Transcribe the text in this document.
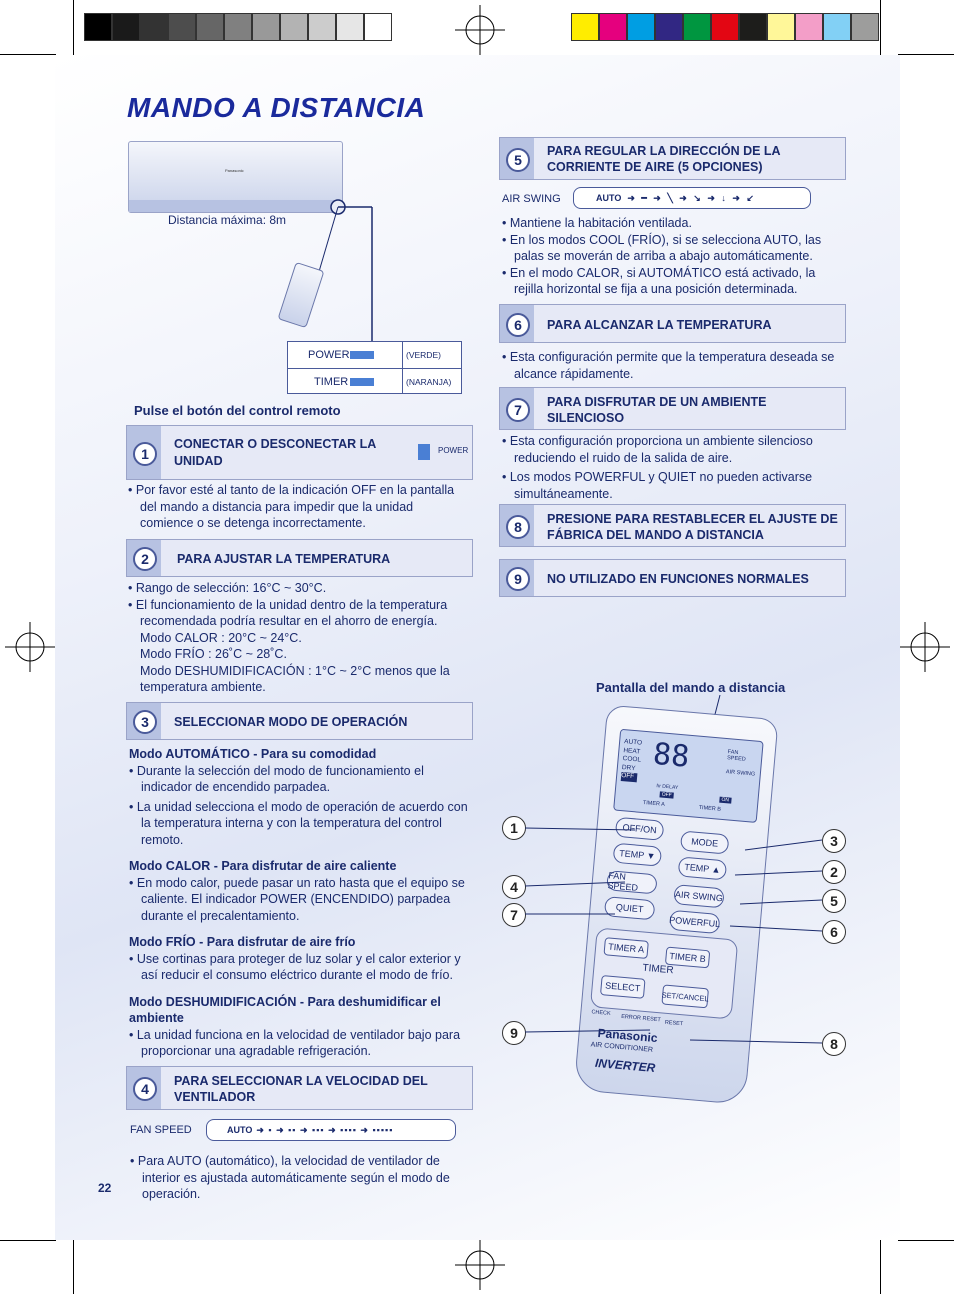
MANDO A DISTANCIA
Panasonic
Distancia máxima: 8m
POWER	(VERDE)
TIMER	(NARANJA)
Pulse el botón del control remoto
1
CONECTAR O DESCONECTAR LA UNIDAD
POWER

• Por favor esté al tanto de la indicación OFF en la pantalla del mando a distancia para impedir que la unidad comience o se detenga incorrectamente.

2	PARA AJUSTAR LA TEMPERATURA

• Rango de selección: 16°C ~ 30°C.

• El funcionamiento de la unidad dentro de la temperatura recomendada podría resultar en el ahorro de energía.

Modo CALOR : 20°C ~ 24°C.

Modo FRÍO : 26˚C ~ 28˚C.

Modo DESHUMIDIFICACIÓN : 1°C ~ 2°C menos que la temperatura ambiente.

3	SELECCIONAR MODO DE OPERACIÓN

Modo AUTOMÁTICO - Para su comodidad

• Durante la selección del modo de funcionamiento el indicador de encendido parpadea.

• La unidad selecciona el modo de operación de acuerdo con la temperatura interna y con la temperatura del control remoto.

Modo CALOR - Para disfrutar de aire caliente

• En modo calor, puede pasar un rato hasta que el equipo se caliente. El indicador POWER (ENCENDIDO) parpadea durante el precalentamiento.

Modo FRÍO - Para disfrutar de aire frío

• Use cortinas para proteger de luz solar y el calor exterior y así reducir el consumo eléctrico durante el modo de frío.

Modo DESHUMIDIFICACIÓN - Para deshumidificar el ambiente

• La unidad funciona en la velocidad de ventilador bajo para proporcionar una agradable refrigeración.

4	PARA SELECCIONAR LA VELOCIDAD DEL VENTILADOR
FAN SPEED	AUTO ➜ ▪ ➜ ▪▪ ➜ ▪▪▪ ➜ ▪▪▪▪ ➜ ▪▪▪▪▪

• Para AUTO (automático), la velocidad de ventilador de interior es ajustada automáticamente según el modo de operación.

22
5
PARA REGULAR LA DIRECCIÓN DE LA CORRIENTE DE AIRE (5 OPCIONES)
AIR SWING	AUTO ➜ ━ ➜ ╲ ➜ ↘ ➜ ↓ ➜ ↙

• Mantiene la habitación ventilada.

• En los modos COOL (FRÍO), si se selecciona AUTO, las palas se moverán de arriba a abajo automáticamente.

• En el modo CALOR, si AUTOMÁTICO está activado, la rejilla horizontal se fija a una posición determinada.

6	PARA ALCANZAR LA TEMPERATURA

• Esta configuración permite que la temperatura deseada se alcance rápidamente.

7	PARA DISFRUTAR DE UN AMBIENTE SILENCIOSO

• Esta configuración proporciona un ambiente silencioso reduciendo el ruido de la salida de aire.

• Los modos POWERFUL y QUIET no pueden activarse simultáneamente.

8	PRESIONE PARA RESTABLECER EL AJUSTE DE FÁBRICA DEL MANDO A DISTANCIA
9	NO UTILIZADO EN FUNCIONES NORMALES
Pantalla del mando a distancia
AUTO
HEAT
COOL
DRY
OFF
88	FAN SPEED
AIR SWING
TIMER A
TIMER B
hr DELAY
OFF
ON
OFF/ON
MODE
TEMP ▼
TEMP ▲
FAN SPEED
AIR SWING
QUIET
POWERFUL
TIMER A
TIMER B
TIMER
SELECT
SET/CANCEL
CHECK
ERROR RESET
RESET
Panasonic
AIR CONDITIONER
INVERTER
1
4
7
9
3
2
5
6
8
